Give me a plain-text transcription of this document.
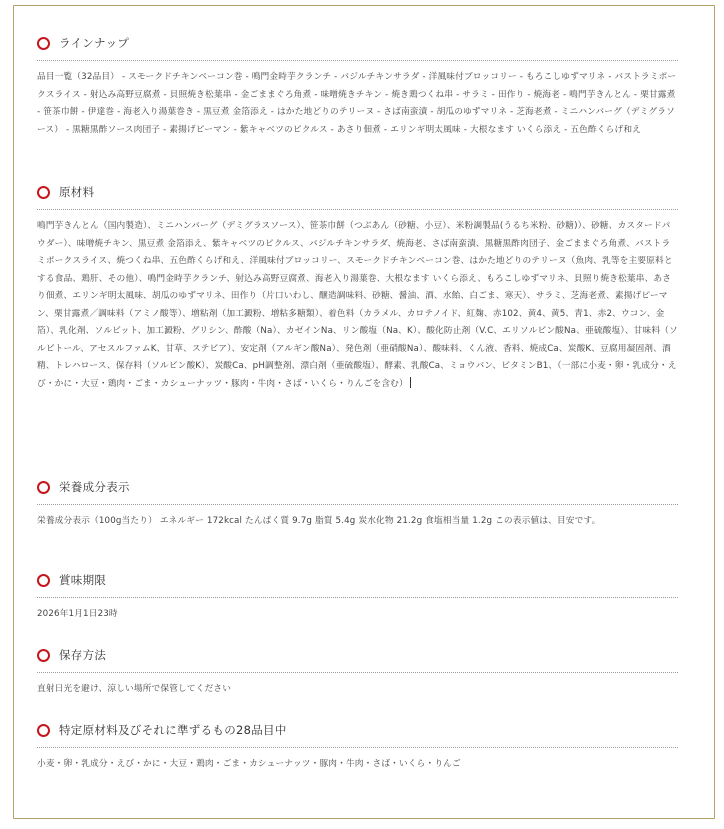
ラインナップ
品目一覧（32品目） - スモークドチキンベーコン巻 - 鳴門金時芋クランチ - バジルチキンサラダ - 洋風味付ブロッコリー - もろこしゆずマリネ - バストラミポークスライス - 射込み高野豆腐煮 - 貝照焼き松葉串 - 金ごままぐろ角煮 - 味噌焼きチキン - 焼き鶏つくね串 - サラミ - 田作り - 焼海老 - 鳴門芋きんとん - 栗甘露煮 - 笹茶巾餅 - 伊達巻 - 海老入り湯葉巻き - 黒豆煮 金箔添え - はかた地どりのテリーヌ - さば南蛮漬 - 胡瓜のゆずマリネ - 芝海老煮 - ミニハンバーグ（デミグラソース） - 黒糖黒酢ソース肉団子 - 素揚げピーマン - 紫キャベツのピクルス - あさり佃煮 - エリンギ明太風味 - 大根なます いくら添え - 五色酢くらげ和え
原材料
鳴門芋きんとん（国内製造）、ミニハンバーグ（デミグラスソース）、笹茶巾餅（つぶあん（砂糖、小豆）、米粉調製品(うるち米粉、砂糖)）、砂糖、カスタードパウダー）、味噌焼チキン、黒豆煮 金箔添え、紫キャベツのピクルス、バジルチキンサラダ、焼海老、さば南蛮漬、黒糖黒酢肉団子、金ごままぐろ角煮、バストラミポークスライス、焼つくね串、五色酢くらげ和え、洋風味付ブロッコリー、スモークドチキンベーコン巻、はかた地どりのテリーヌ（魚肉、乳等を主要原料とする食品、鶏肝、その他）、鳴門金時芋クランチ、射込み高野豆腐煮、海老入り湯葉巻、大根なます いくら添え、もろこしゆずマリネ、貝照り焼き松葉串、あさり佃煮、エリンギ明太風味、胡瓜のゆずマリネ、田作り（片口いわし、醸造調味料、砂糖、醤油、酒、水飴、白ごま、寒天）、サラミ、芝海老煮、素揚げピーマン、栗甘露煮／調味料（アミノ酸等）、増粘剤（加工澱粉、増粘多糖類）、着色料（カラメル、カロテノイド、紅麹、赤102、黄4、黄5、青1、赤2、ウコン、金箔）、乳化剤、ソルビット、加工澱粉、グリシン、酢酸（Na）、カゼインNa、リン酸塩（Na、K）、酸化防止剤（V.C、エリソルビン酸Na、亜硫酸塩）、甘味料（ソルビトール、アセスルファムK、甘草、ステビア）、安定剤（アルギン酸Na）、発色剤（亜硝酸Na）、酸味料、くん液、香料、焼成Ca、炭酸K、豆腐用凝固剤、酒精、トレハロース、保存料（ソルビン酸K）、炭酸Ca、pH調整剤、漂白剤（亜硫酸塩）、酵素、乳酸Ca、ミョウバン、ビタミンB1、（一部に小麦・卵・乳成分・えび・かに・大豆・鶏肉・ごま・カシューナッツ・豚肉・牛肉・さば・いくら・りんごを含む）
栄養成分表示
栄養成分表示（100g当たり） エネルギー 172kcal たんぱく質 9.7g 脂質 5.4g 炭水化物 21.2g 食塩相当量 1.2g この表示値は、目安です。
賞味期限
2026年1月1日23時
保存方法
直射日光を避け、涼しい場所で保管してください
特定原材料及びそれに準ずるもの28品目中
小麦・卵・乳成分・えび・かに・大豆・鶏肉・ごま・カシューナッツ・豚肉・牛肉・さば・いくら・りんご
